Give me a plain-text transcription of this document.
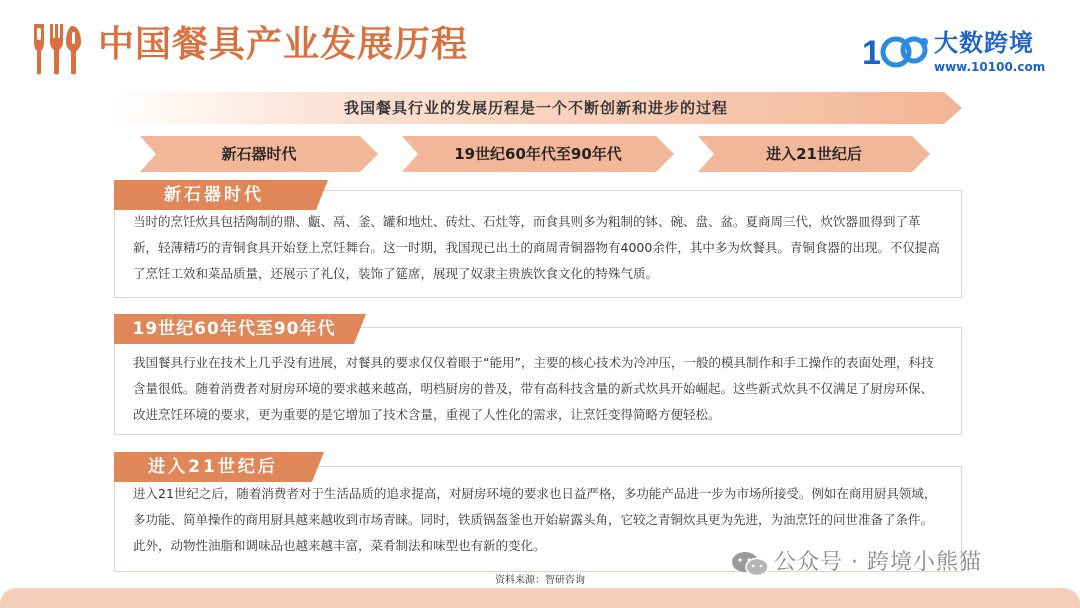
中国餐具产业发展历程	1 大数跨境
www.10100.com
我国餐具行业的发展历程是一个不断创新和进步的过程
新石器时代	19世纪60年代至90年代	进入21世纪后
当时的烹饪炊具包括陶制的鼎、甗、鬲、釜、罐和地灶、砖灶、石灶等，而食具则多为粗制的钵、碗、盘、盆。夏商周三代，炊饮器皿得到了革新，轻薄精巧的青铜食具开始登上烹饪舞台。这一时期，我国现已出土的商周青铜器物有4000余件，其中多为炊餐具。青铜食器的出现。不仅提高了烹饪工效和菜品质量，还展示了礼仪，装饰了筵席，展现了奴隶主贵族饮食文化的特殊气质。
新石器时代
我国餐具行业在技术上几乎没有进展，对餐具的要求仅仅着眼于“能用”，主要的核心技术为冷冲压，一般的模具制作和手工操作的表面处理，科技含量很低。随着消费者对厨房环境的要求越来越高，明档厨房的普及，带有高科技含量的新式炊具开始崛起。这些新式炊具不仅满足了厨房环保、改进烹饪环境的要求，更为重要的是它增加了技术含量，重视了人性化的需求，让烹饪变得简略方便轻松。
19世纪60年代至90年代
进入21世纪之后，随着消费者对于生活品质的追求提高，对厨房环境的要求也日益严格，多功能产品进一步为市场所接受。例如在商用厨具领域，多功能、简单操作的商用厨具越来越收到市场青睐。同时，铁质锅盔釜也开始崭露头角，它较之青铜炊具更为先进，为油烹饪的问世准备了条件。此外，动物性油脂和调味品也越来越丰富，菜肴制法和味型也有新的变化。
进入21世纪后
公众号 · 跨境小熊猫
资料来源：智研咨询
